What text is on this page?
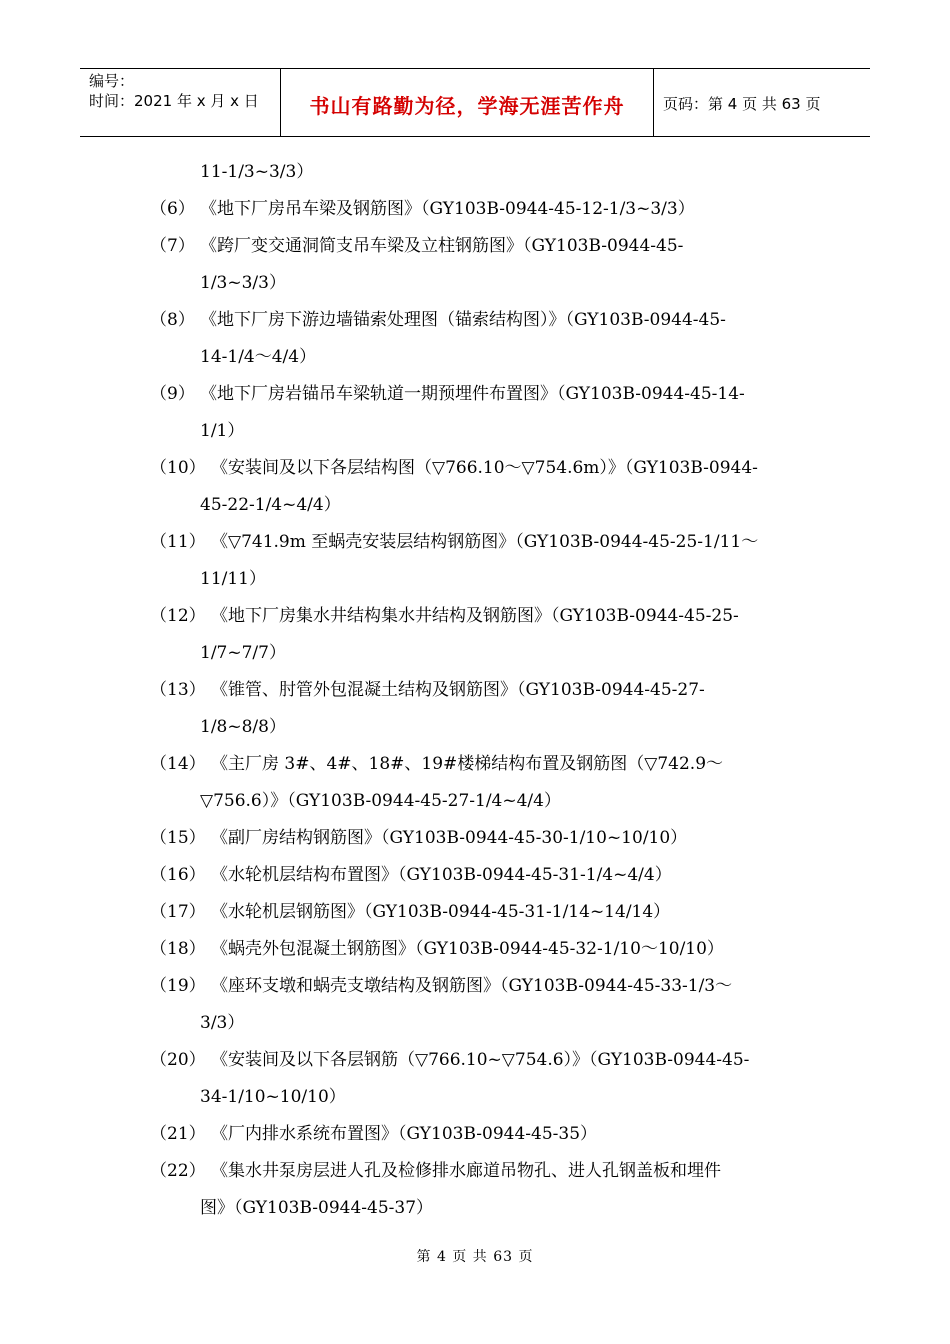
编号：
时间：2021 年 x 月 x 日	书山有路勤为径，学海无涯苦作舟	页码：第 4 页 共 63 页
11-1/3~3/3）
（6） 《地下厂房吊车梁及钢筋图》（GY103B-0944-45-12-1/3~3/3）
（7） 《跨厂变交通洞简支吊车梁及立柱钢筋图》（GY103B-0944-45-
1/3~3/3）
（8） 《地下厂房下游边墙锚索处理图（锚索结构图）》（GY103B-0944-45-
14-1/4～4/4）
（9） 《地下厂房岩锚吊车梁轨道一期预埋件布置图》（GY103B-0944-45-14-
1/1）
（10） 《安装间及以下各层结构图（▽766.10～▽754.6m）》（GY103B-0944-
45-22-1/4~4/4）
（11） 《▽741.9m 至蜗壳安装层结构钢筋图》（GY103B-0944-45-25-1/11～
11/11）
（12） 《地下厂房集水井结构集水井结构及钢筋图》（GY103B-0944-45-25-
1/7~7/7）
（13） 《锥管、肘管外包混凝土结构及钢筋图》（GY103B-0944-45-27-
1/8~8/8）
（14） 《主厂房 3#、4#、18#、19#楼梯结构布置及钢筋图（▽742.9～
▽756.6）》（GY103B-0944-45-27-1/4~4/4）
（15） 《副厂房结构钢筋图》（GY103B-0944-45-30-1/10~10/10）
（16） 《水轮机层结构布置图》（GY103B-0944-45-31-1/4~4/4）
（17） 《水轮机层钢筋图》（GY103B-0944-45-31-1/14~14/14）
（18） 《蜗壳外包混凝土钢筋图》（GY103B-0944-45-32-1/10～10/10）
（19） 《座环支墩和蜗壳支墩结构及钢筋图》（GY103B-0944-45-33-1/3～
3/3）
（20） 《安装间及以下各层钢筋（▽766.10~▽754.6）》（GY103B-0944-45-
34-1/10~10/10）
（21） 《厂内排水系统布置图》（GY103B-0944-45-35）
（22） 《集水井泵房层进人孔及检修排水廊道吊物孔、进人孔钢盖板和埋件
图》（GY103B-0944-45-37）
第 4 页 共 63 页
